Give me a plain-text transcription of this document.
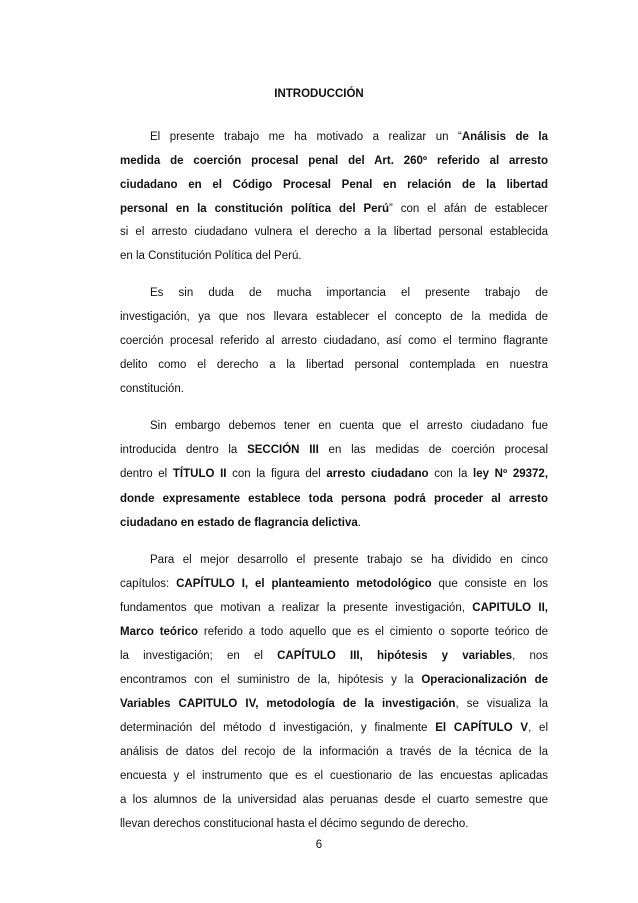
INTRODUCCIÓN
El presente trabajo me ha motivado a realizar un “Análisis de la
medida de coerción procesal penal del Art. 260º referido al arresto
ciudadano en el Código Procesal Penal en relación de la libertad
personal en la constitución política del Perú” con el afán de establecer
si el arresto ciudadano vulnera el derecho a la libertad personal establecida
en la Constitución Política del Perú.
Es sin duda de mucha importancia el presente trabajo de
investigación, ya que nos llevara establecer el concepto de la medida de
coerción procesal referido al arresto ciudadano, así como el termino flagrante
delito como el derecho a la libertad personal contemplada en nuestra
constitución.
Sin embargo debemos tener en cuenta que el arresto ciudadano fue
introducida dentro la SECCIÓN III en las medidas de coerción procesal
dentro el TÍTULO II con la figura del arresto ciudadano con la ley Nº 29372,
donde expresamente establece toda persona podrá proceder al arresto
ciudadano en estado de flagrancia delictiva.
Para el mejor desarrollo el presente trabajo se ha dividido en cinco
capítulos: CAPÍTULO I, el planteamiento metodológico que consiste en los
fundamentos que motivan a realizar la presente investigación, CAPITULO II,
Marco teórico referido a todo aquello que es el cimiento o soporte teórico de
la investigación; en el CAPÍTULO III, hipótesis y variables, nos
encontramos con el suministro de la, hipótesis y la Operacionalización de
Variables CAPITULO IV, metodología de la investigación, se visualiza la
determinación del método d investigación, y finalmente El CAPÍTULO V, el
análisis de datos del recojo de la información a través de la técnica de la
encuesta y el instrumento que es el cuestionario de las encuestas aplicadas
a los alumnos de la universidad alas peruanas desde el cuarto semestre que
llevan derechos constitucional hasta el décimo segundo de derecho.
6
